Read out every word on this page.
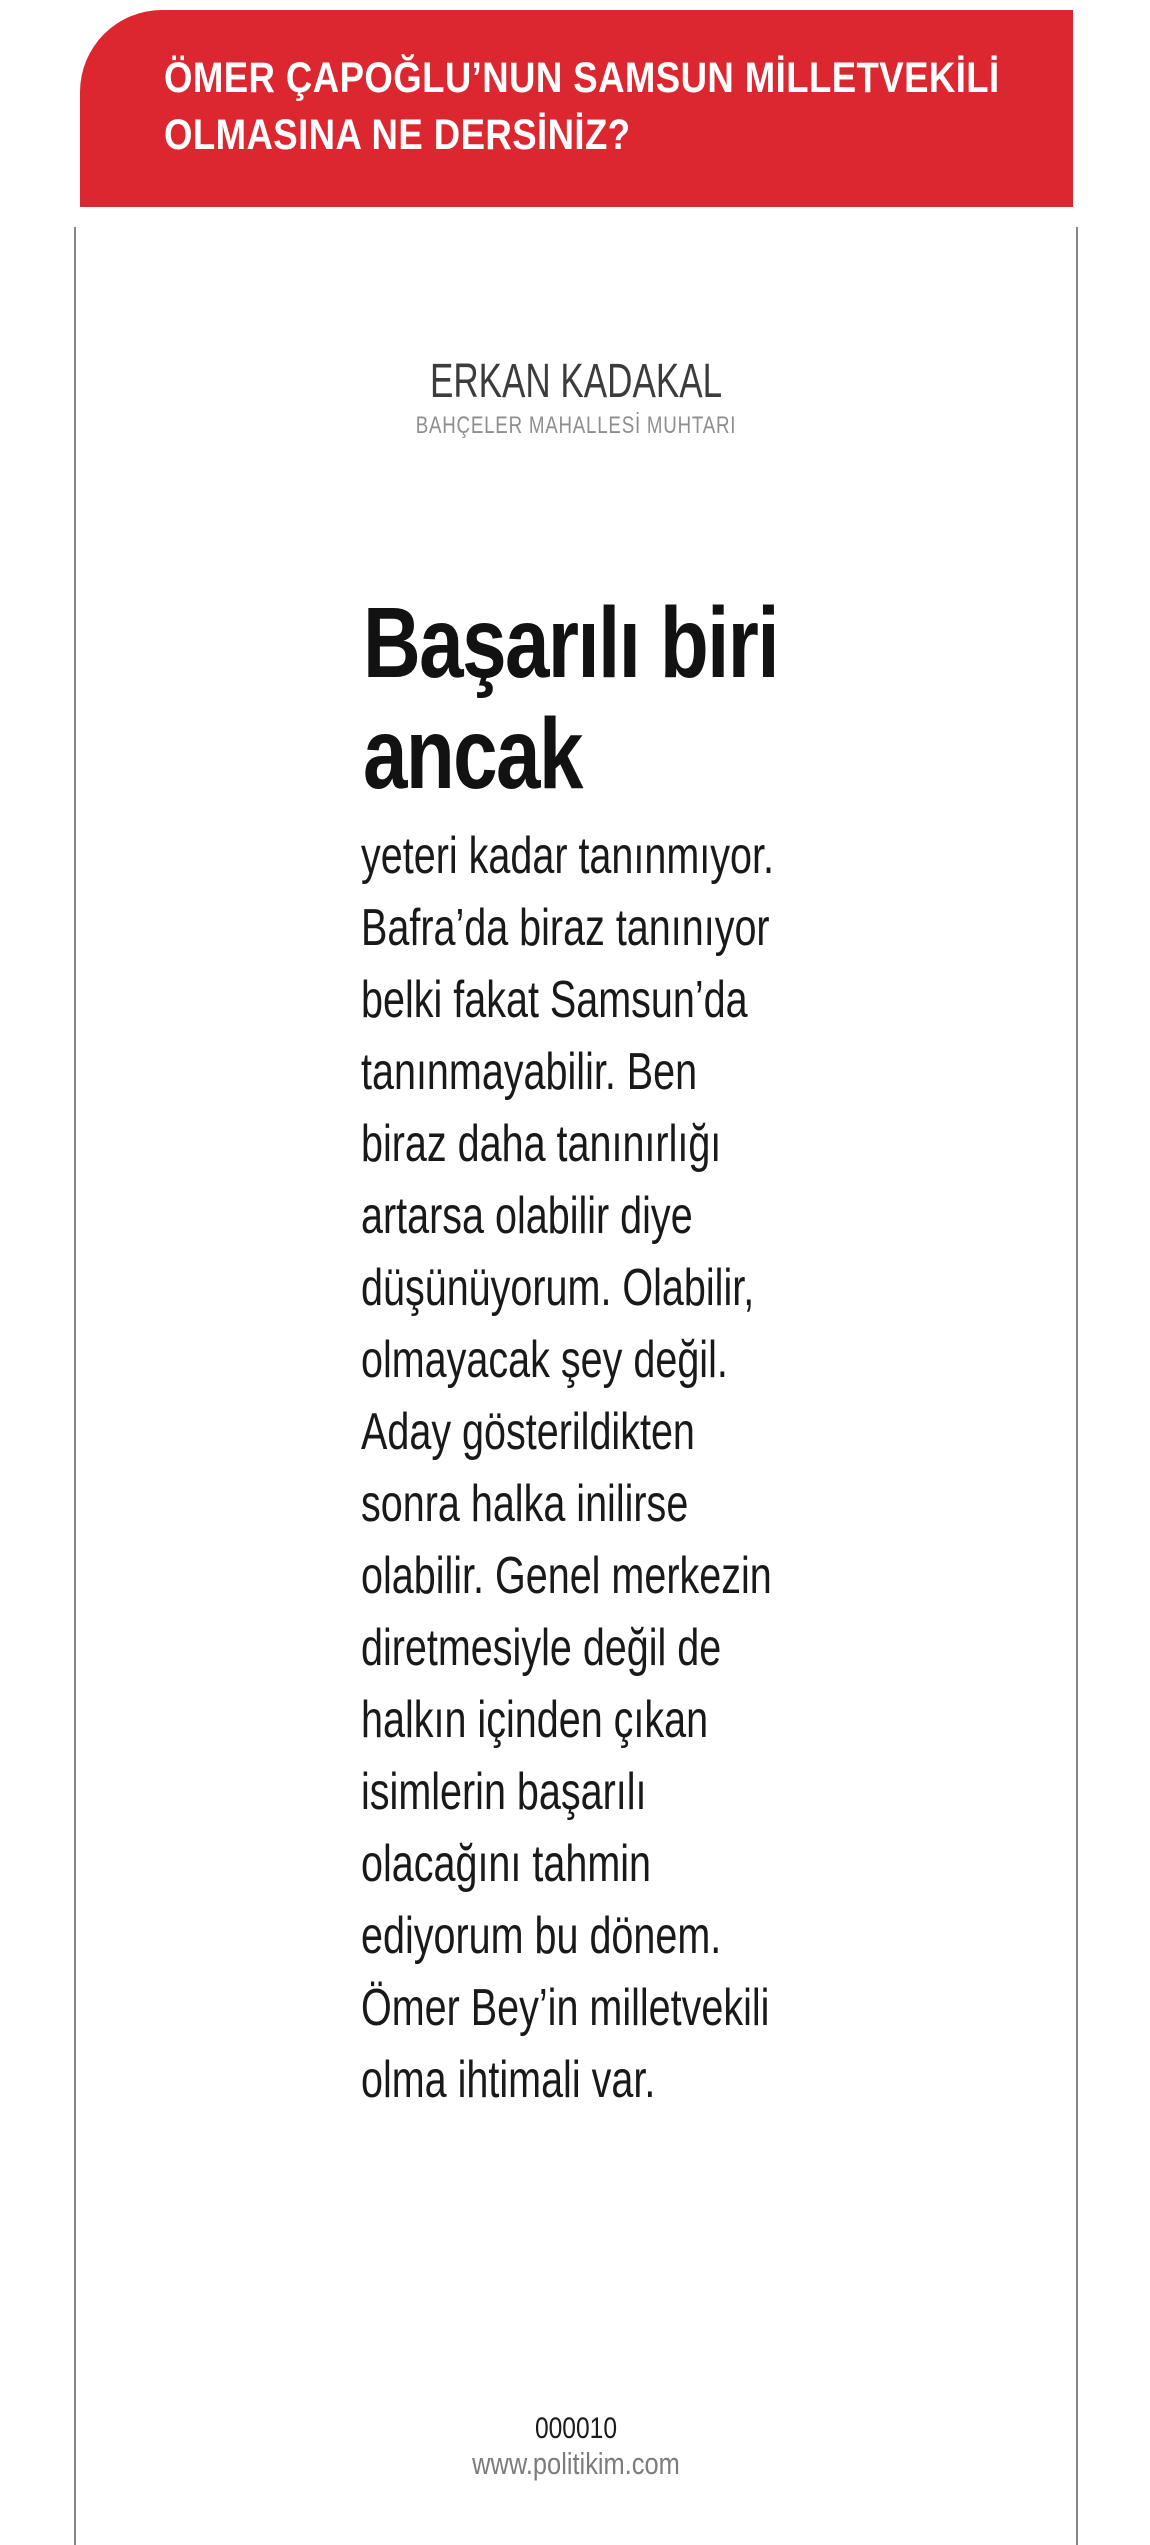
ÖMER ÇAPOĞLU’NUN SAMSUN MİLLETVEKİLİ
OLMASINA NE DERSİNİZ?
ERKAN KADAKAL
BAHÇELER MAHALLESİ MUHTARI
Başarılı biri
ancak
yeteri kadar tanınmıyor.
Bafra’da biraz tanınıyor
belki fakat Samsun’da
tanınmayabilir. Ben
biraz daha tanınırlığı
artarsa olabilir diye
düşünüyorum. Olabilir,
olmayacak şey değil.
Aday gösterildikten
sonra halka inilirse
olabilir. Genel merkezin
diretmesiyle değil de
halkın içinden çıkan
isimlerin başarılı
olacağını tahmin
ediyorum bu dönem.
Ömer Bey’in milletvekili
olma ihtimali var.
000010
www.politikim.com
